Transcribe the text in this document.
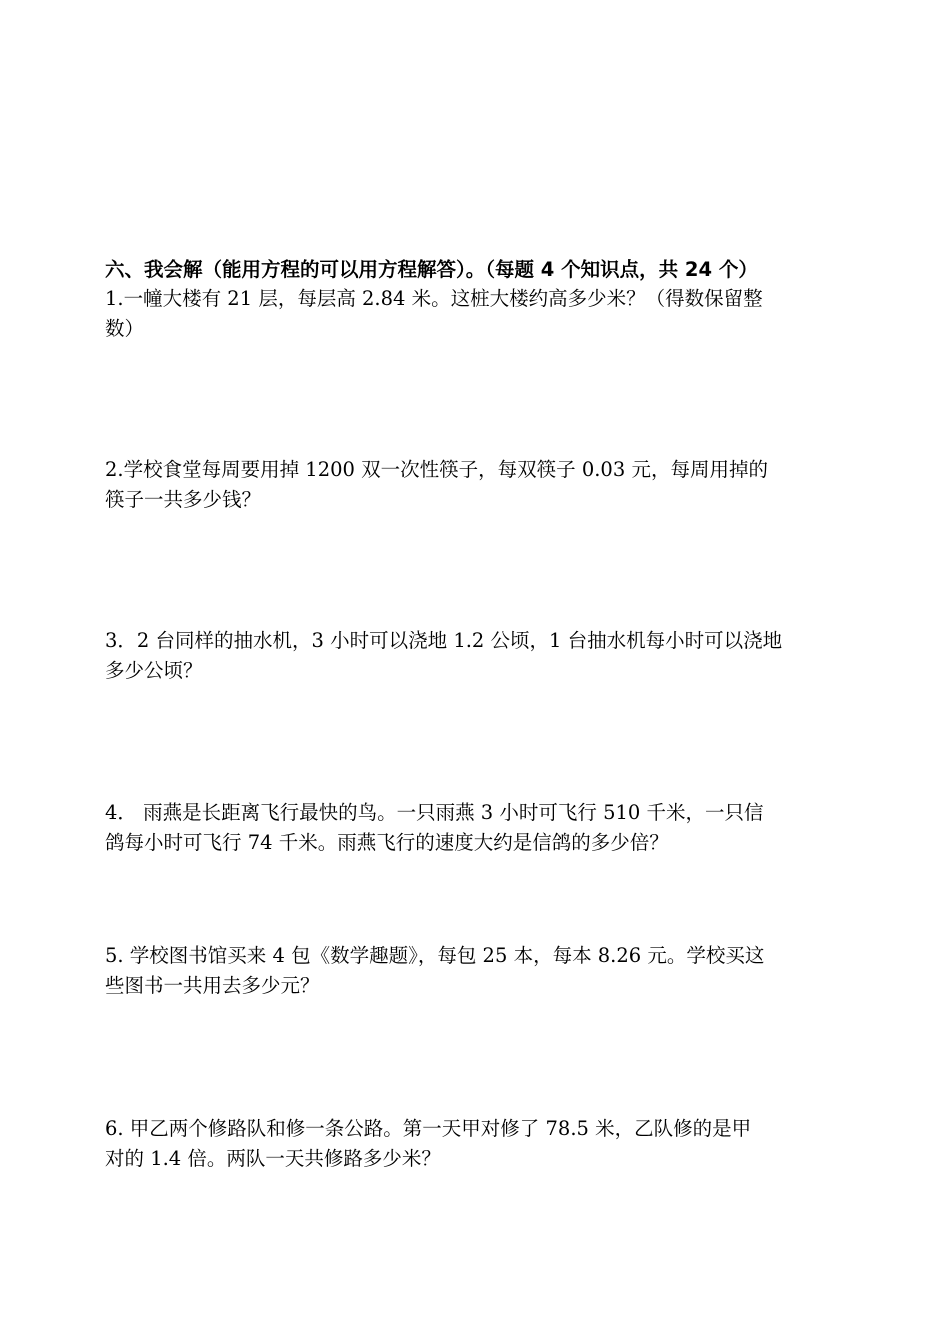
六、我会解（能用方程的可以用方程解答）。（每题 4 个知识点，共 24 个）
1.一幢大楼有 21 层，每层高 2.84 米。这桩大楼约高多少米？（得数保留整
数）
2.学校食堂每周要用掉 1200 双一次性筷子，每双筷子 0.03 元，每周用掉的
筷子一共多少钱？
3．2 台同样的抽水机，3 小时可以浇地 1.2 公顷，1 台抽水机每小时可以浇地
多少公顷？
4． 雨燕是长距离飞行最快的鸟。一只雨燕 3 小时可飞行 510 千米，一只信
鸽每小时可飞行 74 千米。雨燕飞行的速度大约是信鸽的多少倍？
5. 学校图书馆买来 4 包《数学趣题》，每包 25 本，每本 8.26 元。学校买这
些图书一共用去多少元？
6. 甲乙两个修路队和修一条公路。第一天甲对修了 78.5 米，乙队修的是甲
对的 1.4 倍。两队一天共修路多少米？
